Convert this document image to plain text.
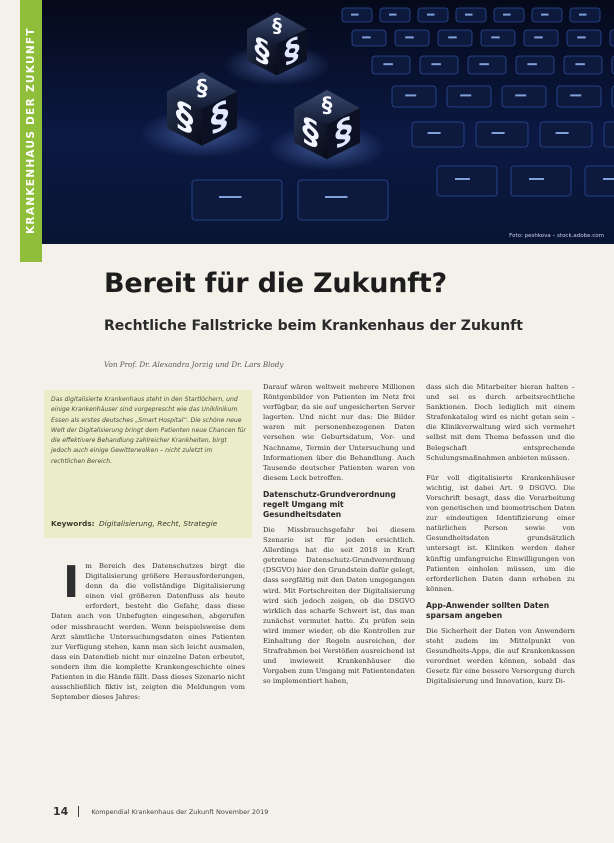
§ §
§
§ §
§
§ §
§
Foto: peshkova – stock.adobe.com
KRANKENHAUS DER ZUKUNFT
Bereit für die Zukunft?
Rechtliche Fallstricke beim Krankenhaus der Zukunft
Von Prof. Dr. Alexandra Jorzig und Dr. Lars Blody

Das digitalisierte Krankenhaus steht in den Startlöchern, und einige Krankenhäuser sind vorgeprescht wie das Uniklinikum Essen als erstes deutsches „Smart Hospital“. Die schöne neue Welt der Digitalisierung bringt dem Patienten neue Chancen für die effektivere Behandlung zahlreicher Krankheiten, birgt jedoch auch einige Gewitterwolken – nicht zuletzt im rechtlichen Bereich.

Keywords: Digitalisierung, Recht, Strategie

Im Bereich des Datenschutzes birgt die Digitalisierung größere Herausforderungen, denn da die vollständige Digitalisierung einen viel größeren Datenfluss als heute erfordert, besteht die Gefahr, dass diese Daten auch von Unbefugten eingesehen, abgerufen oder missbraucht werden. Wenn beispielsweise dem Arzt sämtliche Untersuchungsdaten eines Patienten zur Verfügung stehen, kann man sich leicht ausmalen, dass ein Datendieb nicht nur einzelne Daten erbeutet, sondern ihm die komplette Krankengeschichte eines Patienten in die Hände fällt. Dass dieses Szenario nicht ausschließlich fiktiv ist, zeigten die Meldungen vom September dieses Jahres:

Darauf wären weltweit mehrere Millionen Röntgenbilder von Patienten im Netz frei verfügbar, da sie auf ungesicherten Server lagerten. Und nicht nur das: Die Bilder waren mit personenbezogenen Daten versehen wie Geburtsdatum, Vor- und Nachname, Termin der Untersuchung und Informationen über die Behandlung. Auch Tausende deutscher Patienten waren von diesem Leck betroffen.

Datenschutz-Grundverordnung regelt Umgang mit Gesundheitsdaten

Die Missbrauchsgefahr bei diesem Szenario ist für jeden ersichtlich. Allerdings hat die seit 2018 in Kraft getretene Datenschutz-Grundverordnung (DSGVO) hier den Grundstein dafür gelegt, dass sorgfältig mit den Daten umgegangen wird. Mit Fortschreiten der Digitalisierung wird sich jedoch zeigen, ob die DSGVO wirklich das scharfe Schwert ist, das man zunächst vermutet hatte. Zu prüfen sein wird immer wieder, ob die Kontrollen zur Einhaltung der Regeln ausreichen, der Strafrahmen bei Verstößen ausreichend ist und inwieweit Krankenhäuser die Vorgaben zum Umgang mit Patientendaten so implementiert haben,

dass sich die Mitarbeiter hieran halten – und sei es durch arbeitsrechtliche Sanktionen. Doch lediglich mit einem Strafenkatalog wird es nicht getan sein – die Klinikverwaltung wird sich vermehrt selbst mit dem Thema befassen und die Belegschaft entsprechende Schulungsmaßnahmen anbieten müssen.

Für voll digitalisierte Krankenhäuser wichtig, ist dabei Art. 9 DSGVO. Die Vorschrift besagt, dass die Verarbeitung von genetischen und biometrischen Daten zur eindeutigen Identifizierung einer natürlichen Person sowie von Gesundheitsdaten grundsätzlich untersagt ist. Kliniken werden daher künftig umfangreiche Einwilligungen von Patienten einholen müssen, um die erforderlichen Daten dann erheben zu können.

App-Anwender sollten Daten sparsam angeben

Die Sicherheit der Daten von Anwendern steht zudem im Mittelpunkt von Gesundheits-Apps, die auf Krankenkassen verordnet werden können, sobald das Gesetz für eine bessere Versorgung durch Digitalisierung und Innovation, kurz Di-

14	Kompendial Krankenhaus der Zukunft November 2019
